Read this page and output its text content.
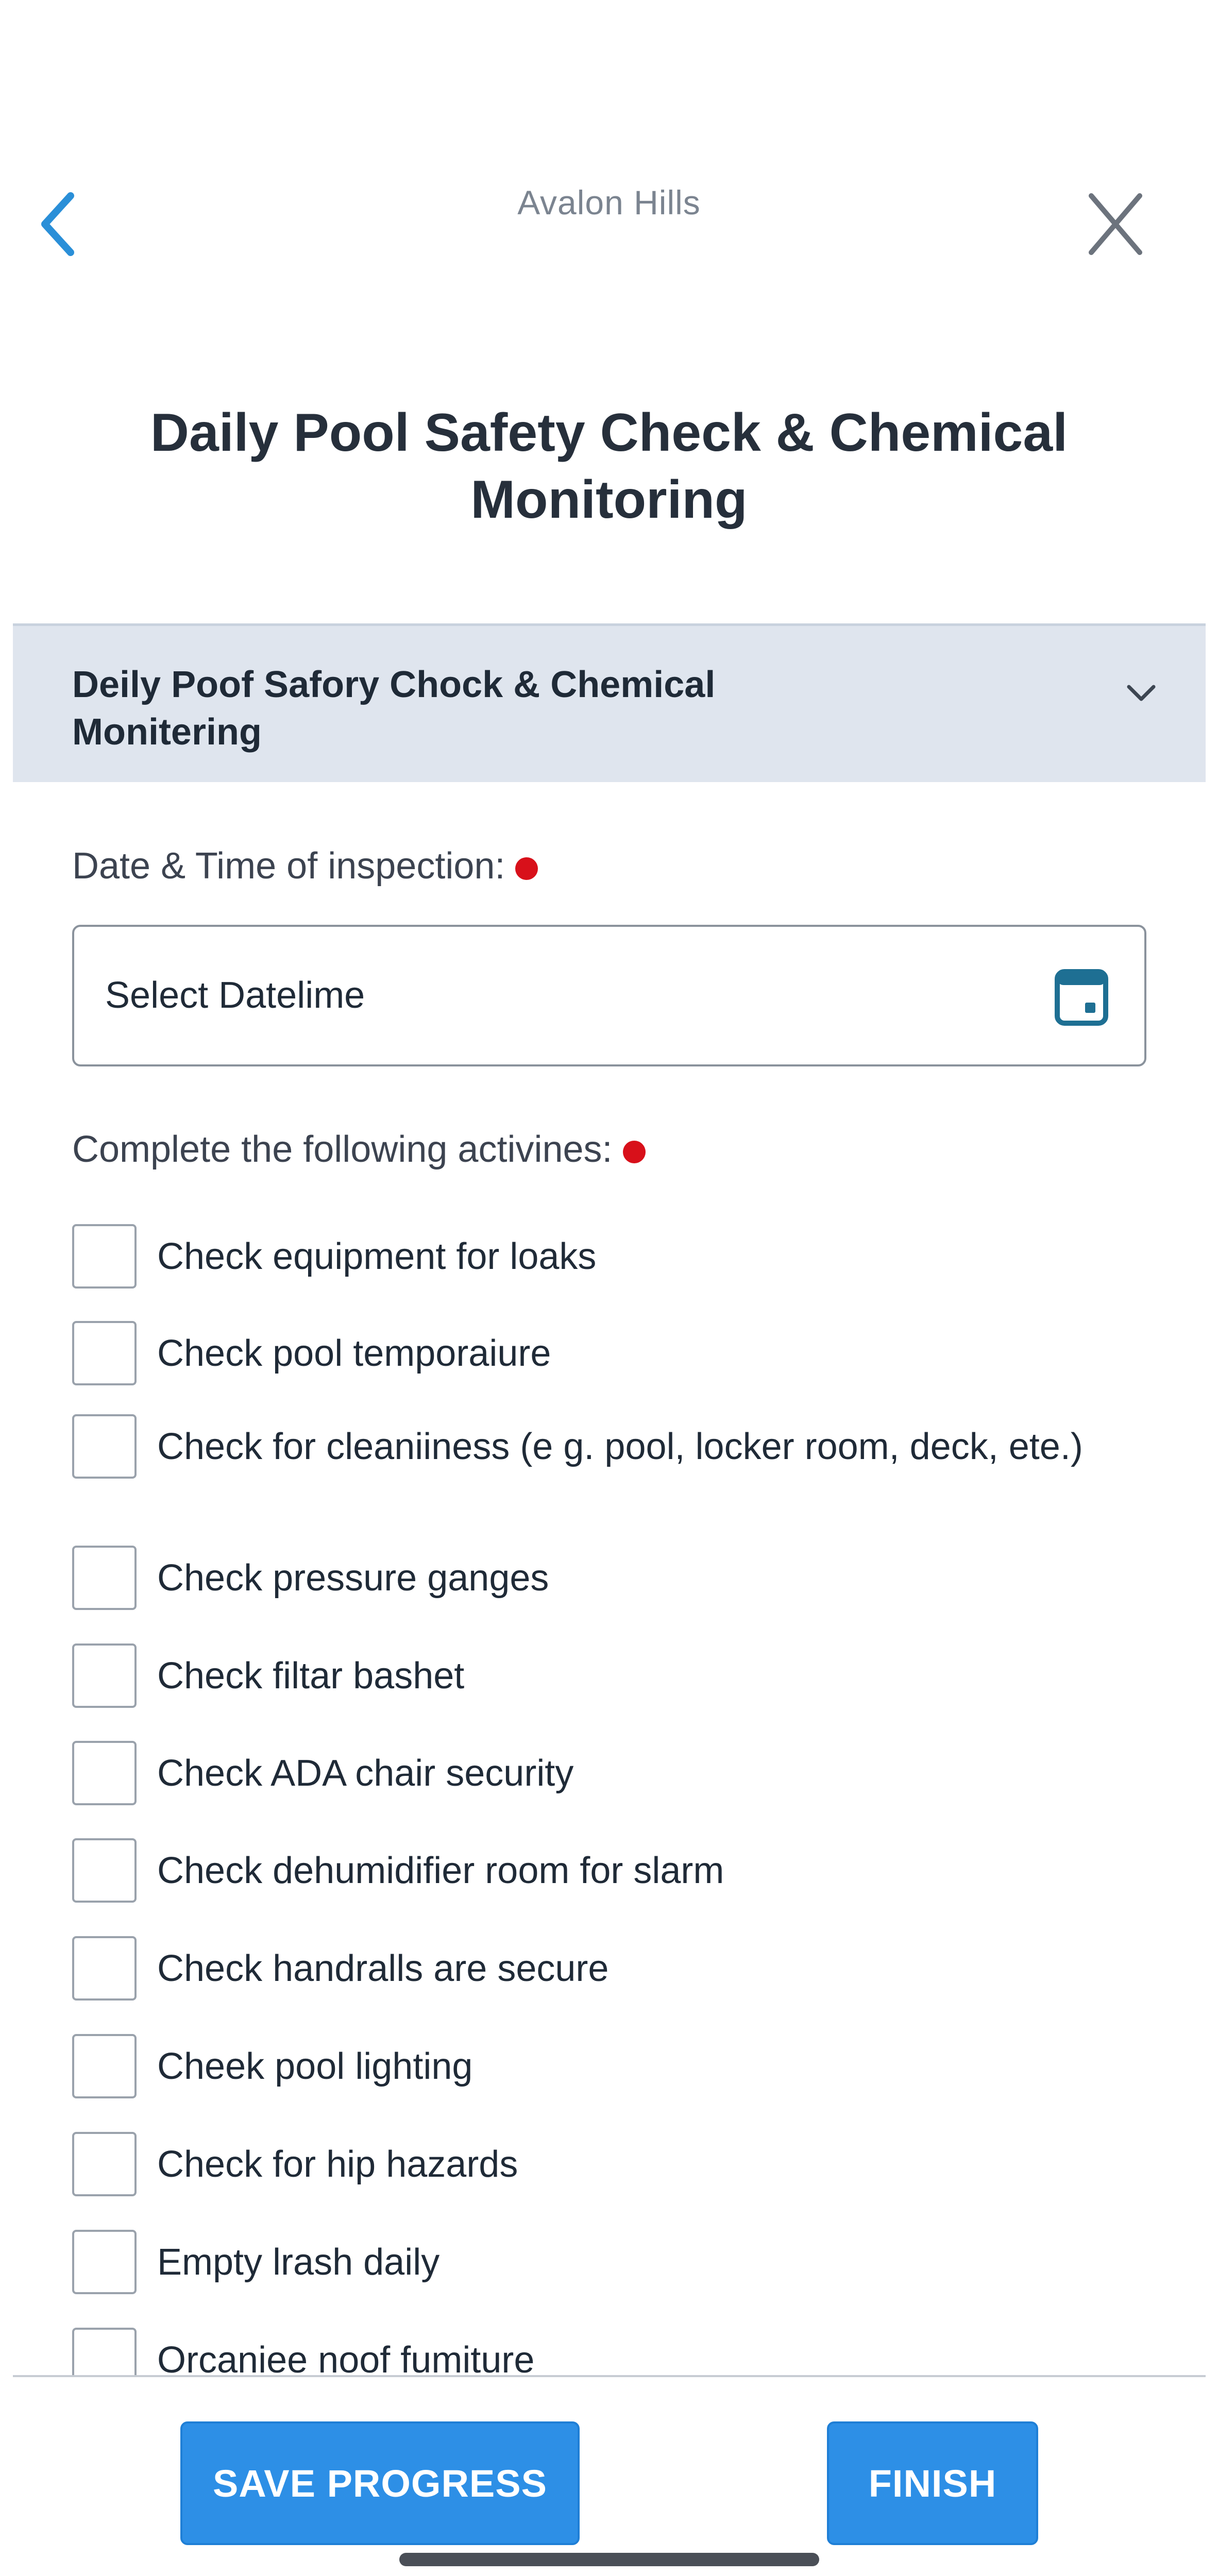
Avalon Hills
Daily Pool Safety Check & Chemical Monitoring
Deily Poof Safory Chock & Chemical Monitering
Date & Time of inspection:
Select Datelime
Complete the following activines:
Check equipment for loaks
Check pool temporaiure
Check for cleaniiness (e g. pool, locker room, deck, ete.)
Check pressure ganges
Check filtar bashet
Check ADA chair security
Check dehumidifier room for slarm
Check handralls are secure
Cheek pool lighting
Check for hip hazards
Empty lrash daily
Orcaniee noof fumiture
SAVE PROGRESS	FINISH
